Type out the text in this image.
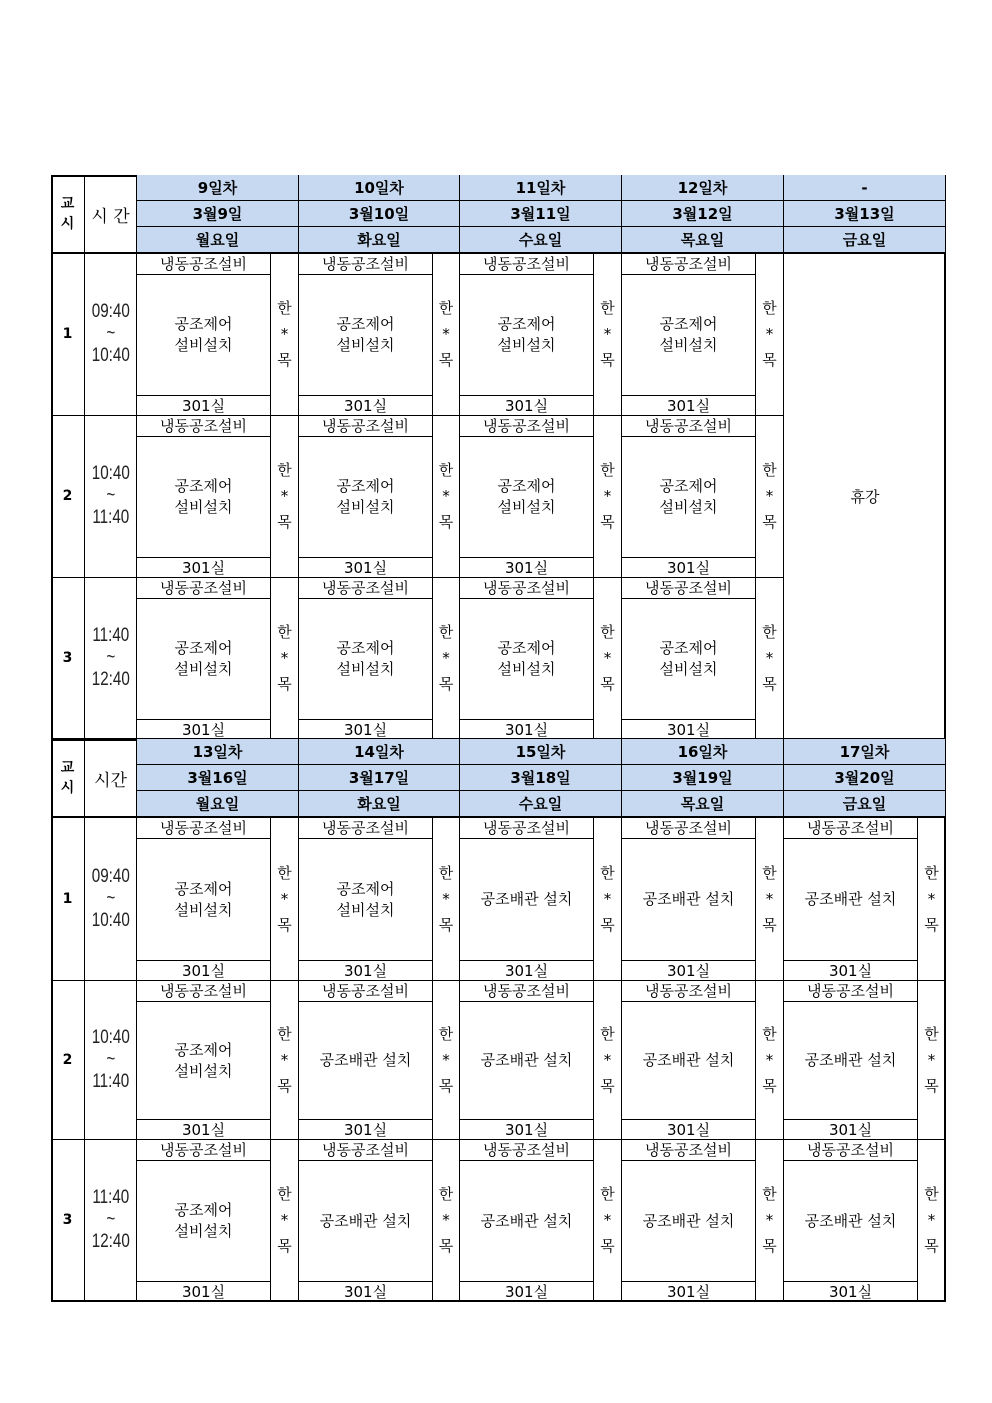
교
시	시 간
9일차
3월9일
월요일
10일차
3월10일
화요일
11일차
3월11일
수요일
12일차
3월12일
목요일
-
3월13일
금요일
1
09:40
~
10:40
냉동공조설비
공조제어
설비설치
301실
한
*
목
냉동공조설비
공조제어
설비설치
301실
한
*
목
냉동공조설비
공조제어
설비설치
301실
한
*
목
냉동공조설비
공조제어
설비설치
301실
한
*
목
2
10:40
~
11:40
냉동공조설비
공조제어
설비설치
301실
한
*
목
냉동공조설비
공조제어
설비설치
301실
한
*
목
냉동공조설비
공조제어
설비설치
301실
한
*
목
냉동공조설비
공조제어
설비설치
301실
한
*
목
3
11:40
~
12:40
냉동공조설비
공조제어
설비설치
301실
한
*
목
냉동공조설비
공조제어
설비설치
301실
한
*
목
냉동공조설비
공조제어
설비설치
301실
한
*
목
냉동공조설비
공조제어
설비설치
301실
한
*
목
휴강
교
시	시간
13일차
3월16일
월요일
14일차
3월17일
화요일
15일차
3월18일
수요일
16일차
3월19일
목요일
17일차
3월20일
금요일
1
09:40
~
10:40
냉동공조설비
공조제어
설비설치
301실
한
*
목
냉동공조설비
공조제어
설비설치
301실
한
*
목
냉동공조설비
공조배관 설치
301실
한
*
목
냉동공조설비
공조배관 설치
301실
한
*
목
냉동공조설비
공조배관 설치
301실
한
*
목
2
10:40
~
11:40
냉동공조설비
공조제어
설비설치
301실
한
*
목
냉동공조설비
공조배관 설치
301실
한
*
목
냉동공조설비
공조배관 설치
301실
한
*
목
냉동공조설비
공조배관 설치
301실
한
*
목
냉동공조설비
공조배관 설치
301실
한
*
목
3
11:40
~
12:40
냉동공조설비
공조제어
설비설치
301실
한
*
목
냉동공조설비
공조배관 설치
301실
한
*
목
냉동공조설비
공조배관 설치
301실
한
*
목
냉동공조설비
공조배관 설치
301실
한
*
목
냉동공조설비
공조배관 설치
301실
한
*
목
